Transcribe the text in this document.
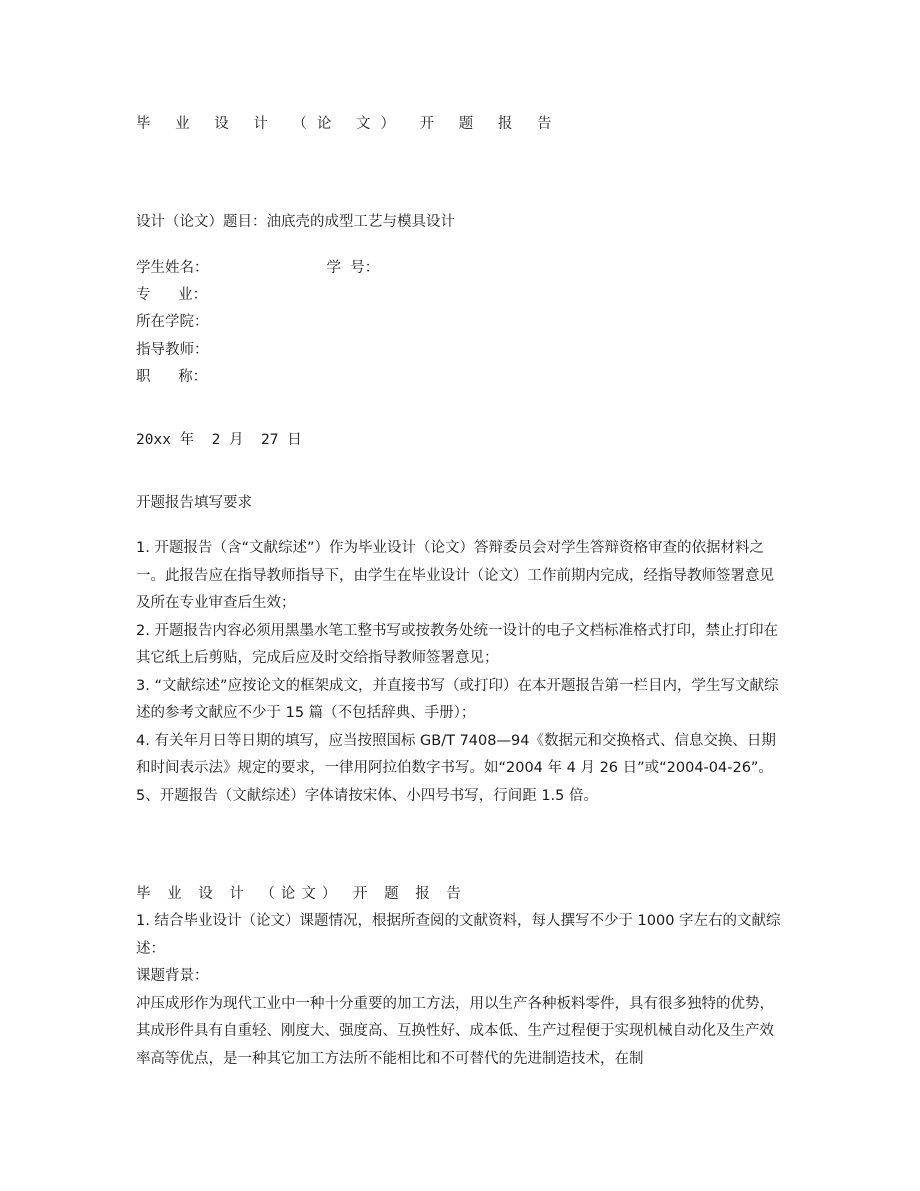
毕 业 设 计 （论 文） 开 题 报 告
设计（论文）题目：油底壳的成型工艺与模具设计
学生姓名：	学  号：
专      业：
所在学院：
指导教师：
职      称：
20xx 年  2 月  27 日
开题报告填写要求
1. 开题报告（含“文献综述”）作为毕业设计（论文）答辩委员会对学生答辩资格审查的依据材料之一。此报告应在指导教师指导下，由学生在毕业设计（论文）工作前期内完成，经指导教师签署意见及所在专业审查后生效；
2. 开题报告内容必须用黑墨水笔工整书写或按教务处统一设计的电子文档标准格式打印，禁止打印在其它纸上后剪贴，完成后应及时交给指导教师签署意见；
3. “文献综述”应按论文的框架成文，并直接书写（或打印）在本开题报告第一栏目内，学生写文献综述的参考文献应不少于 15 篇（不包括辞典、手册）；
4. 有关年月日等日期的填写，应当按照国标 GB/T 7408—94《数据元和交换格式、信息交换、日期和时间表示法》规定的要求，一律用阿拉伯数字书写。如“2004 年 4 月 26 日”或“2004-04-26”。
5、开题报告（文献综述）字体请按宋体、小四号书写，行间距 1.5 倍。
毕 业 设 计 （论文） 开 题 报 告
1. 结合毕业设计（论文）课题情况，根据所查阅的文献资料，每人撰写不少于 1000 字左右的文献综述：
课题背景：
冲压成形作为现代工业中一种十分重要的加工方法，用以生产各种板料零件，具有很多独特的优势，其成形件具有自重轻、刚度大、强度高、互换性好、成本低、生产过程便于实现机械自动化及生产效率高等优点，是一种其它加工方法所不能相比和不可替代的先进制造技术，在制
